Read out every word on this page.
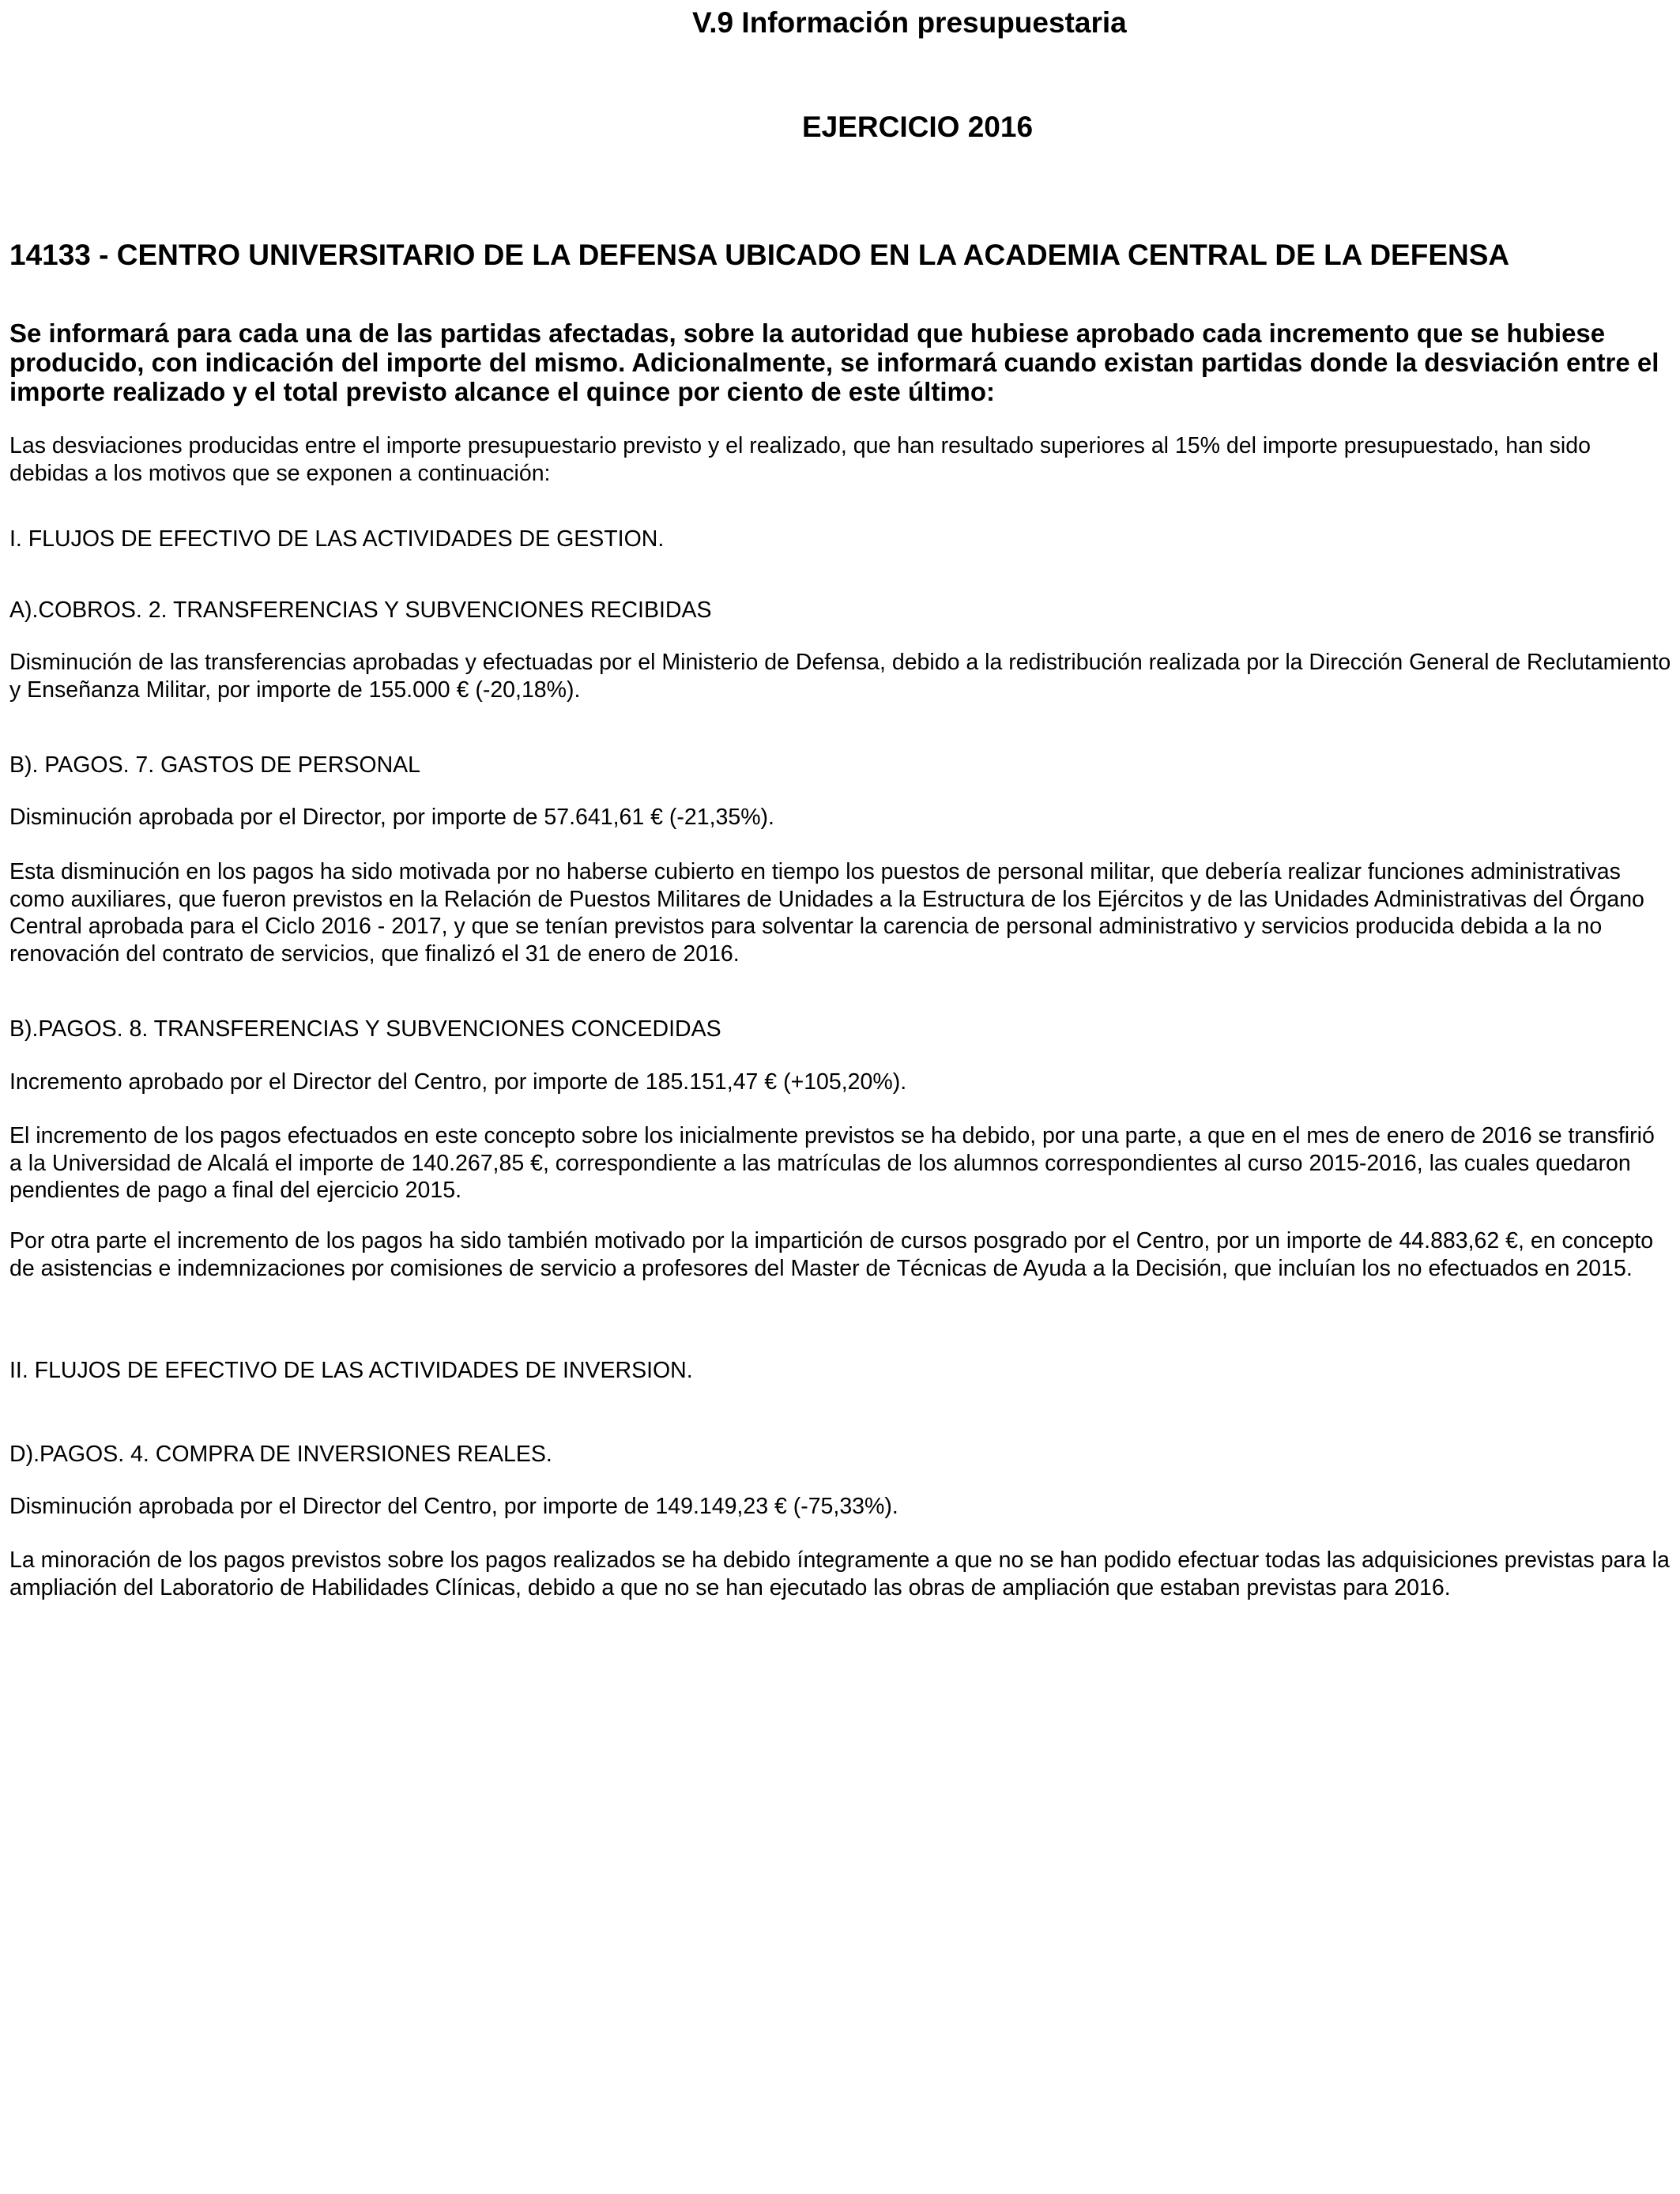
V.9 Información presupuestaria

EJERCICIO 2016

14133 - CENTRO UNIVERSITARIO DE LA DEFENSA UBICADO EN LA ACADEMIA CENTRAL DE LA DEFENSA

Se informará para cada una de las partidas afectadas, sobre la autoridad que hubiese aprobado cada incremento que se hubiese producido, con indicación del importe del mismo. Adicionalmente, se informará cuando existan partidas donde la desviación entre el importe realizado y el total previsto alcance el quince por ciento de este último:

Las desviaciones producidas entre el importe presupuestario previsto y el realizado, que han resultado superiores al 15% del importe presupuestado, han sido debidas a los motivos que se exponen a continuación:

I. FLUJOS DE EFECTIVO DE LAS ACTIVIDADES DE GESTION.

A).COBROS. 2. TRANSFERENCIAS Y SUBVENCIONES RECIBIDAS

Disminución de las transferencias aprobadas y efectuadas por el Ministerio de Defensa, debido a la redistribución realizada por la Dirección General de Reclutamiento y Enseñanza Militar, por importe de 155.000 € (-20,18%).

B). PAGOS. 7. GASTOS DE PERSONAL

Disminución aprobada por el Director, por importe de 57.641,61 € (-21,35%).

Esta disminución en los pagos ha sido motivada por no haberse cubierto en tiempo los puestos de personal militar, que debería realizar funciones administrativas como auxiliares, que fueron previstos en la Relación de Puestos Militares de Unidades a la Estructura de los Ejércitos y de las Unidades Administrativas del Órgano Central aprobada para el Ciclo 2016 - 2017, y que se tenían previstos para solventar la carencia de personal administrativo y servicios producida debida a la no renovación del contrato de servicios, que finalizó el 31 de enero de 2016.

B).PAGOS. 8. TRANSFERENCIAS Y SUBVENCIONES CONCEDIDAS

Incremento aprobado por el Director del Centro, por importe de 185.151,47 € (+105,20%).

El incremento de los pagos efectuados en este concepto sobre los inicialmente previstos se ha debido, por una parte, a que en el mes de enero de 2016 se transfirió a la Universidad de Alcalá el importe de 140.267,85 €, correspondiente a las matrículas de los alumnos correspondientes al curso 2015-2016, las cuales quedaron pendientes de pago a final del ejercicio 2015.

Por otra parte el incremento de los pagos ha sido también motivado por la impartición de cursos posgrado por el Centro, por un importe de 44.883,62 €, en concepto de asistencias e indemnizaciones por comisiones de servicio a profesores del Master de Técnicas de Ayuda a la Decisión, que incluían los no efectuados en 2015.

II. FLUJOS DE EFECTIVO DE LAS ACTIVIDADES DE INVERSION.

D).PAGOS. 4. COMPRA DE INVERSIONES REALES.

Disminución aprobada por el Director del Centro, por importe de 149.149,23 € (-75,33%).

La minoración de los pagos previstos sobre los pagos realizados se ha debido íntegramente a que no se han podido efectuar todas las adquisiciones previstas para la ampliación del Laboratorio de Habilidades Clínicas, debido a que no se han ejecutado las obras de ampliación que estaban previstas para 2016.
